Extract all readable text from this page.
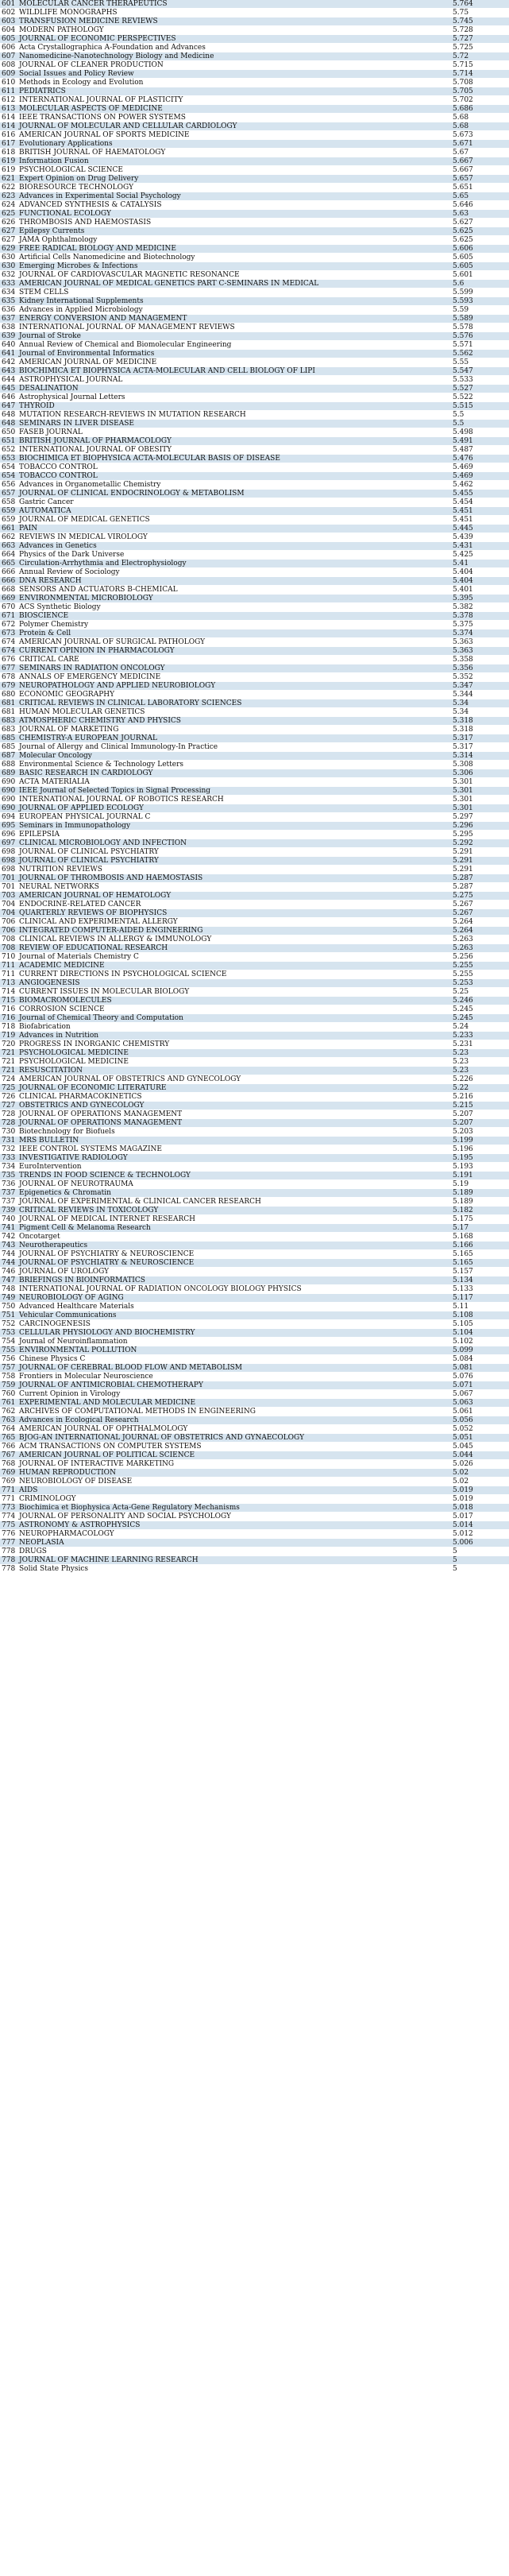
601	MOLECULAR CANCER THERAPEUTICS	5.764
602	WILDLIFE MONOGRAPHS	5.75
603	TRANSFUSION MEDICINE REVIEWS	5.745
604	MODERN PATHOLOGY	5.728
605	JOURNAL OF ECONOMIC PERSPECTIVES	5.727
606	Acta Crystallographica A-Foundation and Advances	5.725
607	Nanomedicine-Nanotechnology Biology and Medicine	5.72
608	JOURNAL OF CLEANER PRODUCTION	5.715
609	Social Issues and Policy Review	5.714
610	Methods in Ecology and Evolution	5.708
611	PEDIATRICS	5.705
612	INTERNATIONAL JOURNAL OF PLASTICITY	5.702
613	MOLECULAR ASPECTS OF MEDICINE	5.686
614	IEEE TRANSACTIONS ON POWER SYSTEMS	5.68
614	JOURNAL OF MOLECULAR AND CELLULAR CARDIOLOGY	5.68
616	AMERICAN JOURNAL OF SPORTS MEDICINE	5.673
617	Evolutionary Applications	5.671
618	BRITISH JOURNAL OF HAEMATOLOGY	5.67
619	Information Fusion	5.667
619	PSYCHOLOGICAL SCIENCE	5.667
621	Expert Opinion on Drug Delivery	5.657
622	BIORESOURCE TECHNOLOGY	5.651
623	Advances in Experimental Social Psychology	5.65
624	ADVANCED SYNTHESIS & CATALYSIS	5.646
625	FUNCTIONAL ECOLOGY	5.63
626	THROMBOSIS AND HAEMOSTASIS	5.627
627	Epilepsy Currents	5.625
627	JAMA Ophthalmology	5.625
629	FREE RADICAL BIOLOGY AND MEDICINE	5.606
630	Artificial Cells Nanomedicine and Biotechnology	5.605
630	Emerging Microbes & Infections	5.605
632	JOURNAL OF CARDIOVASCULAR MAGNETIC RESONANCE	5.601
633	AMERICAN JOURNAL OF MEDICAL GENETICS PART C-SEMINARS IN MEDICAL	5.6
634	STEM CELLS	5.599
635	Kidney International Supplements	5.593
636	Advances in Applied Microbiology	5.59
637	ENERGY CONVERSION AND MANAGEMENT	5.589
638	INTERNATIONAL JOURNAL OF MANAGEMENT REVIEWS	5.578
639	Journal of Stroke	5.576
640	Annual Review of Chemical and Biomolecular Engineering	5.571
641	Journal of Environmental Informatics	5.562
642	AMERICAN JOURNAL OF MEDICINE	5.55
643	BIOCHIMICA ET BIOPHYSICA ACTA-MOLECULAR AND CELL BIOLOGY OF LIPI	5.547
644	ASTROPHYSICAL JOURNAL	5.533
645	DESALINATION	5.527
646	Astrophysical Journal Letters	5.522
647	THYROID	5.515
648	MUTATION RESEARCH-REVIEWS IN MUTATION RESEARCH	5.5
648	SEMINARS IN LIVER DISEASE	5.5
650	FASEB JOURNAL	5.498
651	BRITISH JOURNAL OF PHARMACOLOGY	5.491
652	INTERNATIONAL JOURNAL OF OBESITY	5.487
653	BIOCHIMICA ET BIOPHYSICA ACTA-MOLECULAR BASIS OF DISEASE	5.476
654	TOBACCO CONTROL	5.469
654	TOBACCO CONTROL	5.469
656	Advances in Organometallic Chemistry	5.462
657	JOURNAL OF CLINICAL ENDOCRINOLOGY & METABOLISM	5.455
658	Gastric Cancer	5.454
659	AUTOMATICA	5.451
659	JOURNAL OF MEDICAL GENETICS	5.451
661	PAIN	5.445
662	REVIEWS IN MEDICAL VIROLOGY	5.439
663	Advances in Genetics	5.431
664	Physics of the Dark Universe	5.425
665	Circulation-Arrhythmia and Electrophysiology	5.41
666	Annual Review of Sociology	5.404
666	DNA RESEARCH	5.404
668	SENSORS AND ACTUATORS B-CHEMICAL	5.401
669	ENVIRONMENTAL MICROBIOLOGY	5.395
670	ACS Synthetic Biology	5.382
671	BIOSCIENCE	5.378
672	Polymer Chemistry	5.375
673	Protein & Cell	5.374
674	AMERICAN JOURNAL OF SURGICAL PATHOLOGY	5.363
674	CURRENT OPINION IN PHARMACOLOGY	5.363
676	CRITICAL CARE	5.358
677	SEMINARS IN RADIATION ONCOLOGY	5.356
678	ANNALS OF EMERGENCY MEDICINE	5.352
679	NEUROPATHOLOGY AND APPLIED NEUROBIOLOGY	5.347
680	ECONOMIC GEOGRAPHY	5.344
681	CRITICAL REVIEWS IN CLINICAL LABORATORY SCIENCES	5.34
681	HUMAN MOLECULAR GENETICS	5.34
683	ATMOSPHERIC CHEMISTRY AND PHYSICS	5.318
683	JOURNAL OF MARKETING	5.318
685	CHEMISTRY-A EUROPEAN JOURNAL	5.317
685	Journal of Allergy and Clinical Immunology-In Practice	5.317
687	Molecular Oncology	5.314
688	Environmental Science & Technology Letters	5.308
689	BASIC RESEARCH IN CARDIOLOGY	5.306
690	ACTA MATERIALIA	5.301
690	IEEE Journal of Selected Topics in Signal Processing	5.301
690	INTERNATIONAL JOURNAL OF ROBOTICS RESEARCH	5.301
690	JOURNAL OF APPLIED ECOLOGY	5.301
694	EUROPEAN PHYSICAL JOURNAL C	5.297
695	Seminars in Immunopathology	5.296
696	EPILEPSIA	5.295
697	CLINICAL MICROBIOLOGY AND INFECTION	5.292
698	JOURNAL OF CLINICAL PSYCHIATRY	5.291
698	JOURNAL OF CLINICAL PSYCHIATRY	5.291
698	NUTRITION REVIEWS	5.291
701	JOURNAL OF THROMBOSIS AND HAEMOSTASIS	5.287
701	NEURAL NETWORKS	5.287
703	AMERICAN JOURNAL OF HEMATOLOGY	5.275
704	ENDOCRINE-RELATED CANCER	5.267
704	QUARTERLY REVIEWS OF BIOPHYSICS	5.267
706	CLINICAL AND EXPERIMENTAL ALLERGY	5.264
706	INTEGRATED COMPUTER-AIDED ENGINEERING	5.264
708	CLINICAL REVIEWS IN ALLERGY & IMMUNOLOGY	5.263
708	REVIEW OF EDUCATIONAL RESEARCH	5.263
710	Journal of Materials Chemistry C	5.256
711	ACADEMIC MEDICINE	5.255
711	CURRENT DIRECTIONS IN PSYCHOLOGICAL SCIENCE	5.255
713	ANGIOGENESIS	5.253
714	CURRENT ISSUES IN MOLECULAR BIOLOGY	5.25
715	BIOMACROMOLECULES	5.246
716	CORROSION SCIENCE	5.245
716	Journal of Chemical Theory and Computation	5.245
718	Biofabrication	5.24
719	Advances in Nutrition	5.233
720	PROGRESS IN INORGANIC CHEMISTRY	5.231
721	PSYCHOLOGICAL MEDICINE	5.23
721	PSYCHOLOGICAL MEDICINE	5.23
721	RESUSCITATION	5.23
724	AMERICAN JOURNAL OF OBSTETRICS AND GYNECOLOGY	5.226
725	JOURNAL OF ECONOMIC LITERATURE	5.22
726	CLINICAL PHARMACOKINETICS	5.216
727	OBSTETRICS AND GYNECOLOGY	5.215
728	JOURNAL OF OPERATIONS MANAGEMENT	5.207
728	JOURNAL OF OPERATIONS MANAGEMENT	5.207
730	Biotechnology for Biofuels	5.203
731	MRS BULLETIN	5.199
732	IEEE CONTROL SYSTEMS MAGAZINE	5.196
733	INVESTIGATIVE RADIOLOGY	5.195
734	EuroIntervention	5.193
735	TRENDS IN FOOD SCIENCE & TECHNOLOGY	5.191
736	JOURNAL OF NEUROTRAUMA	5.19
737	Epigenetics & Chromatin	5.189
737	JOURNAL OF EXPERIMENTAL & CLINICAL CANCER RESEARCH	5.189
739	CRITICAL REVIEWS IN TOXICOLOGY	5.182
740	JOURNAL OF MEDICAL INTERNET RESEARCH	5.175
741	Pigment Cell & Melanoma Research	5.17
742	Oncotarget	5.168
743	Neurotherapeutics	5.166
744	JOURNAL OF PSYCHIATRY & NEUROSCIENCE	5.165
744	JOURNAL OF PSYCHIATRY & NEUROSCIENCE	5.165
746	JOURNAL OF UROLOGY	5.157
747	BRIEFINGS IN BIOINFORMATICS	5.134
748	INTERNATIONAL JOURNAL OF RADIATION ONCOLOGY BIOLOGY PHYSICS	5.133
749	NEUROBIOLOGY OF AGING	5.117
750	Advanced Healthcare Materials	5.11
751	Vehicular Communications	5.108
752	CARCINOGENESIS	5.105
753	CELLULAR PHYSIOLOGY AND BIOCHEMISTRY	5.104
754	Journal of Neuroinflammation	5.102
755	ENVIRONMENTAL POLLUTION	5.099
756	Chinese Physics C	5.084
757	JOURNAL OF CEREBRAL BLOOD FLOW AND METABOLISM	5.081
758	Frontiers in Molecular Neuroscience	5.076
759	JOURNAL OF ANTIMICROBIAL CHEMOTHERAPY	5.071
760	Current Opinion in Virology	5.067
761	EXPERIMENTAL AND MOLECULAR MEDICINE	5.063
762	ARCHIVES OF COMPUTATIONAL METHODS IN ENGINEERING	5.061
763	Advances in Ecological Research	5.056
764	AMERICAN JOURNAL OF OPHTHALMOLOGY	5.052
765	BJOG-AN INTERNATIONAL JOURNAL OF OBSTETRICS AND GYNAECOLOGY	5.051
766	ACM TRANSACTIONS ON COMPUTER SYSTEMS	5.045
767	AMERICAN JOURNAL OF POLITICAL SCIENCE	5.044
768	JOURNAL OF INTERACTIVE MARKETING	5.026
769	HUMAN REPRODUCTION	5.02
769	NEUROBIOLOGY OF DISEASE	5.02
771	AIDS	5.019
771	CRIMINOLOGY	5.019
773	Biochimica et Biophysica Acta-Gene Regulatory Mechanisms	5.018
774	JOURNAL OF PERSONALITY AND SOCIAL PSYCHOLOGY	5.017
775	ASTRONOMY & ASTROPHYSICS	5.014
776	NEUROPHARMACOLOGY	5.012
777	NEOPLASIA	5.006
778	DRUGS	5
778	JOURNAL OF MACHINE LEARNING RESEARCH	5
778	Solid State Physics	5
